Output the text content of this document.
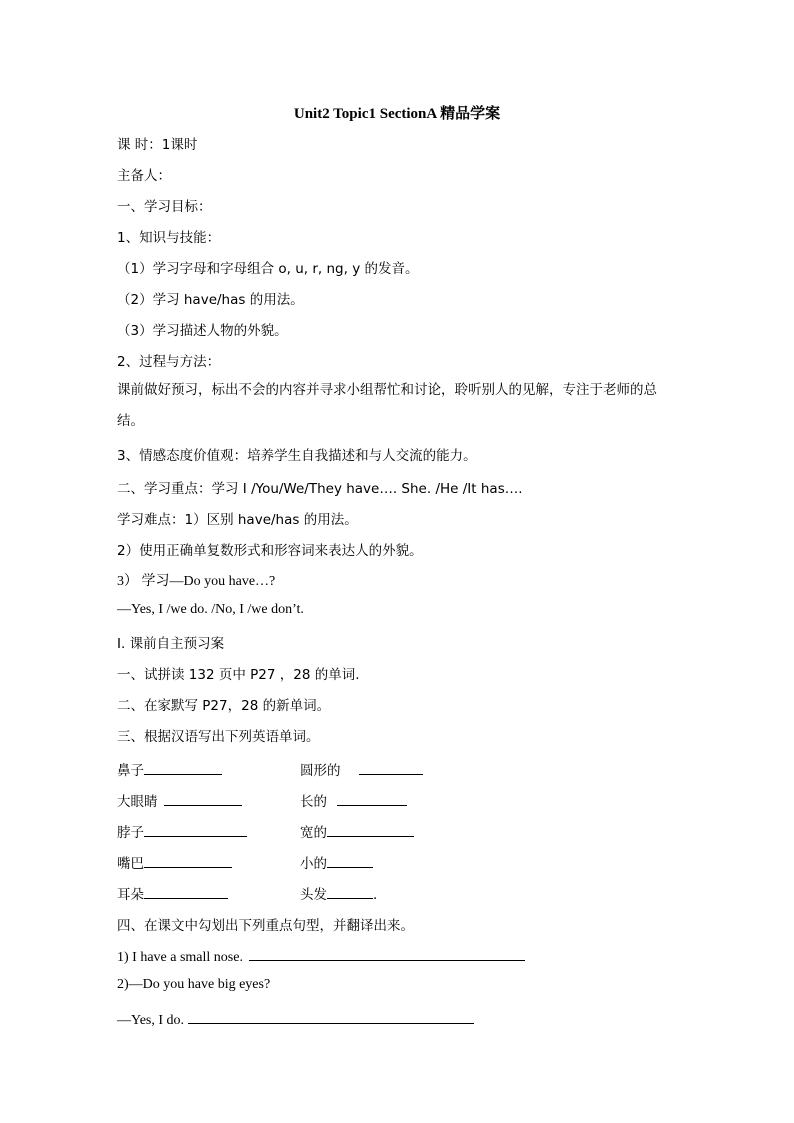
Unit2 Topic1 SectionA 精品学案
课 时：1课时
主备人：
一、学习目标：
1、知识与技能：
（1）学习字母和字母组合 o, u, r, ng, y 的发音。
（2）学习 have/has 的用法。
（3）学习描述人物的外貌。
2、过程与方法：
课前做好预习，标出不会的内容并寻求小组帮忙和讨论，聆听别人的见解，专注于老师的总结。
3、情感态度价值观：培养学生自我描述和与人交流的能力。
二、学习重点：学习 I /You/We/They have…. She. /He /It has….
学习难点：1）区别 have/has 的用法。
2）使用正确单复数形式和形容词来表达人的外貌。
3） 学习—Do you have…?
—Yes, I /we do. /No, I /we don’t.
I. 课前自主预习案
一、试拼读 132 页中 P27 ，28 的单词.
二、在家默写 P27，28 的新单词。
三、根据汉语写出下列英语单词。
鼻子	圆形的
大眼睛	长的
脖子	宽的
嘴巴	小的
耳朵	头发	.
四、在课文中勾划出下列重点句型，并翻译出来。
1) I have a small nose.
2)—Do you have big eyes?
—Yes, I do.
